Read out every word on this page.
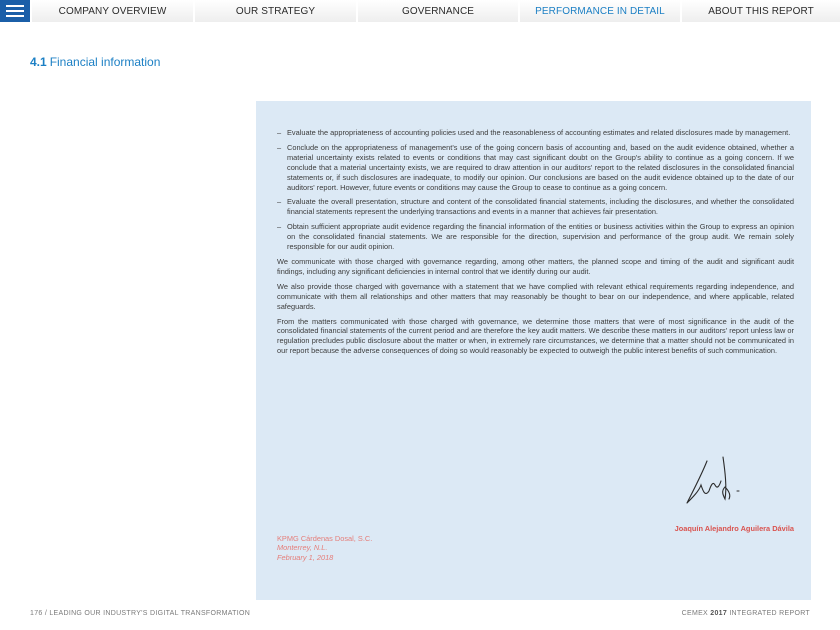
COMPANY OVERVIEW	OUR STRATEGY	GOVERNANCE	PERFORMANCE IN DETAIL	ABOUT THIS REPORT
4.1 Financial information
– Evaluate the appropriateness of accounting policies used and the reasonableness of accounting estimates and related disclosures made by management.
– Conclude on the appropriateness of management's use of the going concern basis of accounting and, based on the audit evidence obtained, whether a material uncertainty exists related to events or conditions that may cast significant doubt on the Group's ability to continue as a going concern. If we conclude that a material uncertainty exists, we are required to draw attention in our auditors' report to the related disclosures in the consolidated financial statements or, if such disclosures are inadequate, to modify our opinion. Our conclusions are based on the audit evidence obtained up to the date of our auditors' report. However, future events or conditions may cause the Group to cease to continue as a going concern.
– Evaluate the overall presentation, structure and content of the consolidated financial statements, including the disclosures, and whether the consolidated financial statements represent the underlying transactions and events in a manner that achieves fair presentation.
– Obtain sufficient appropriate audit evidence regarding the financial information of the entities or business activities within the Group to express an opinion on the consolidated financial statements. We are responsible for the direction, supervision and performance of the group audit. We remain solely responsible for our audit opinion.

We communicate with those charged with governance regarding, among other matters, the planned scope and timing of the audit and significant audit findings, including any significant deficiencies in internal control that we identify during our audit.

We also provide those charged with governance with a statement that we have complied with relevant ethical requirements regarding independence, and communicate with them all relationships and other matters that may reasonably be thought to bear on our independence, and where applicable, related safeguards.

From the matters communicated with those charged with governance, we determine those matters that were of most significance in the audit of the consolidated financial statements of the current period and are therefore the key audit matters. We describe these matters in our auditors' report unless law or regulation precludes public disclosure about the matter or when, in extremely rare circumstances, we determine that a matter should not be communicated in our report because the adverse consequences of doing so would reasonably be expected to outweigh the public interest benefits of such communication.

Joaquín Alejandro Aguilera Dávila
KPMG Cárdenas Dosal, S.C.
Monterrey, N.L.
February 1, 2018
176 / LEADING OUR INDUSTRY'S DIGITAL TRANSFORMATION	CEMEX 2017 INTEGRATED REPORT
